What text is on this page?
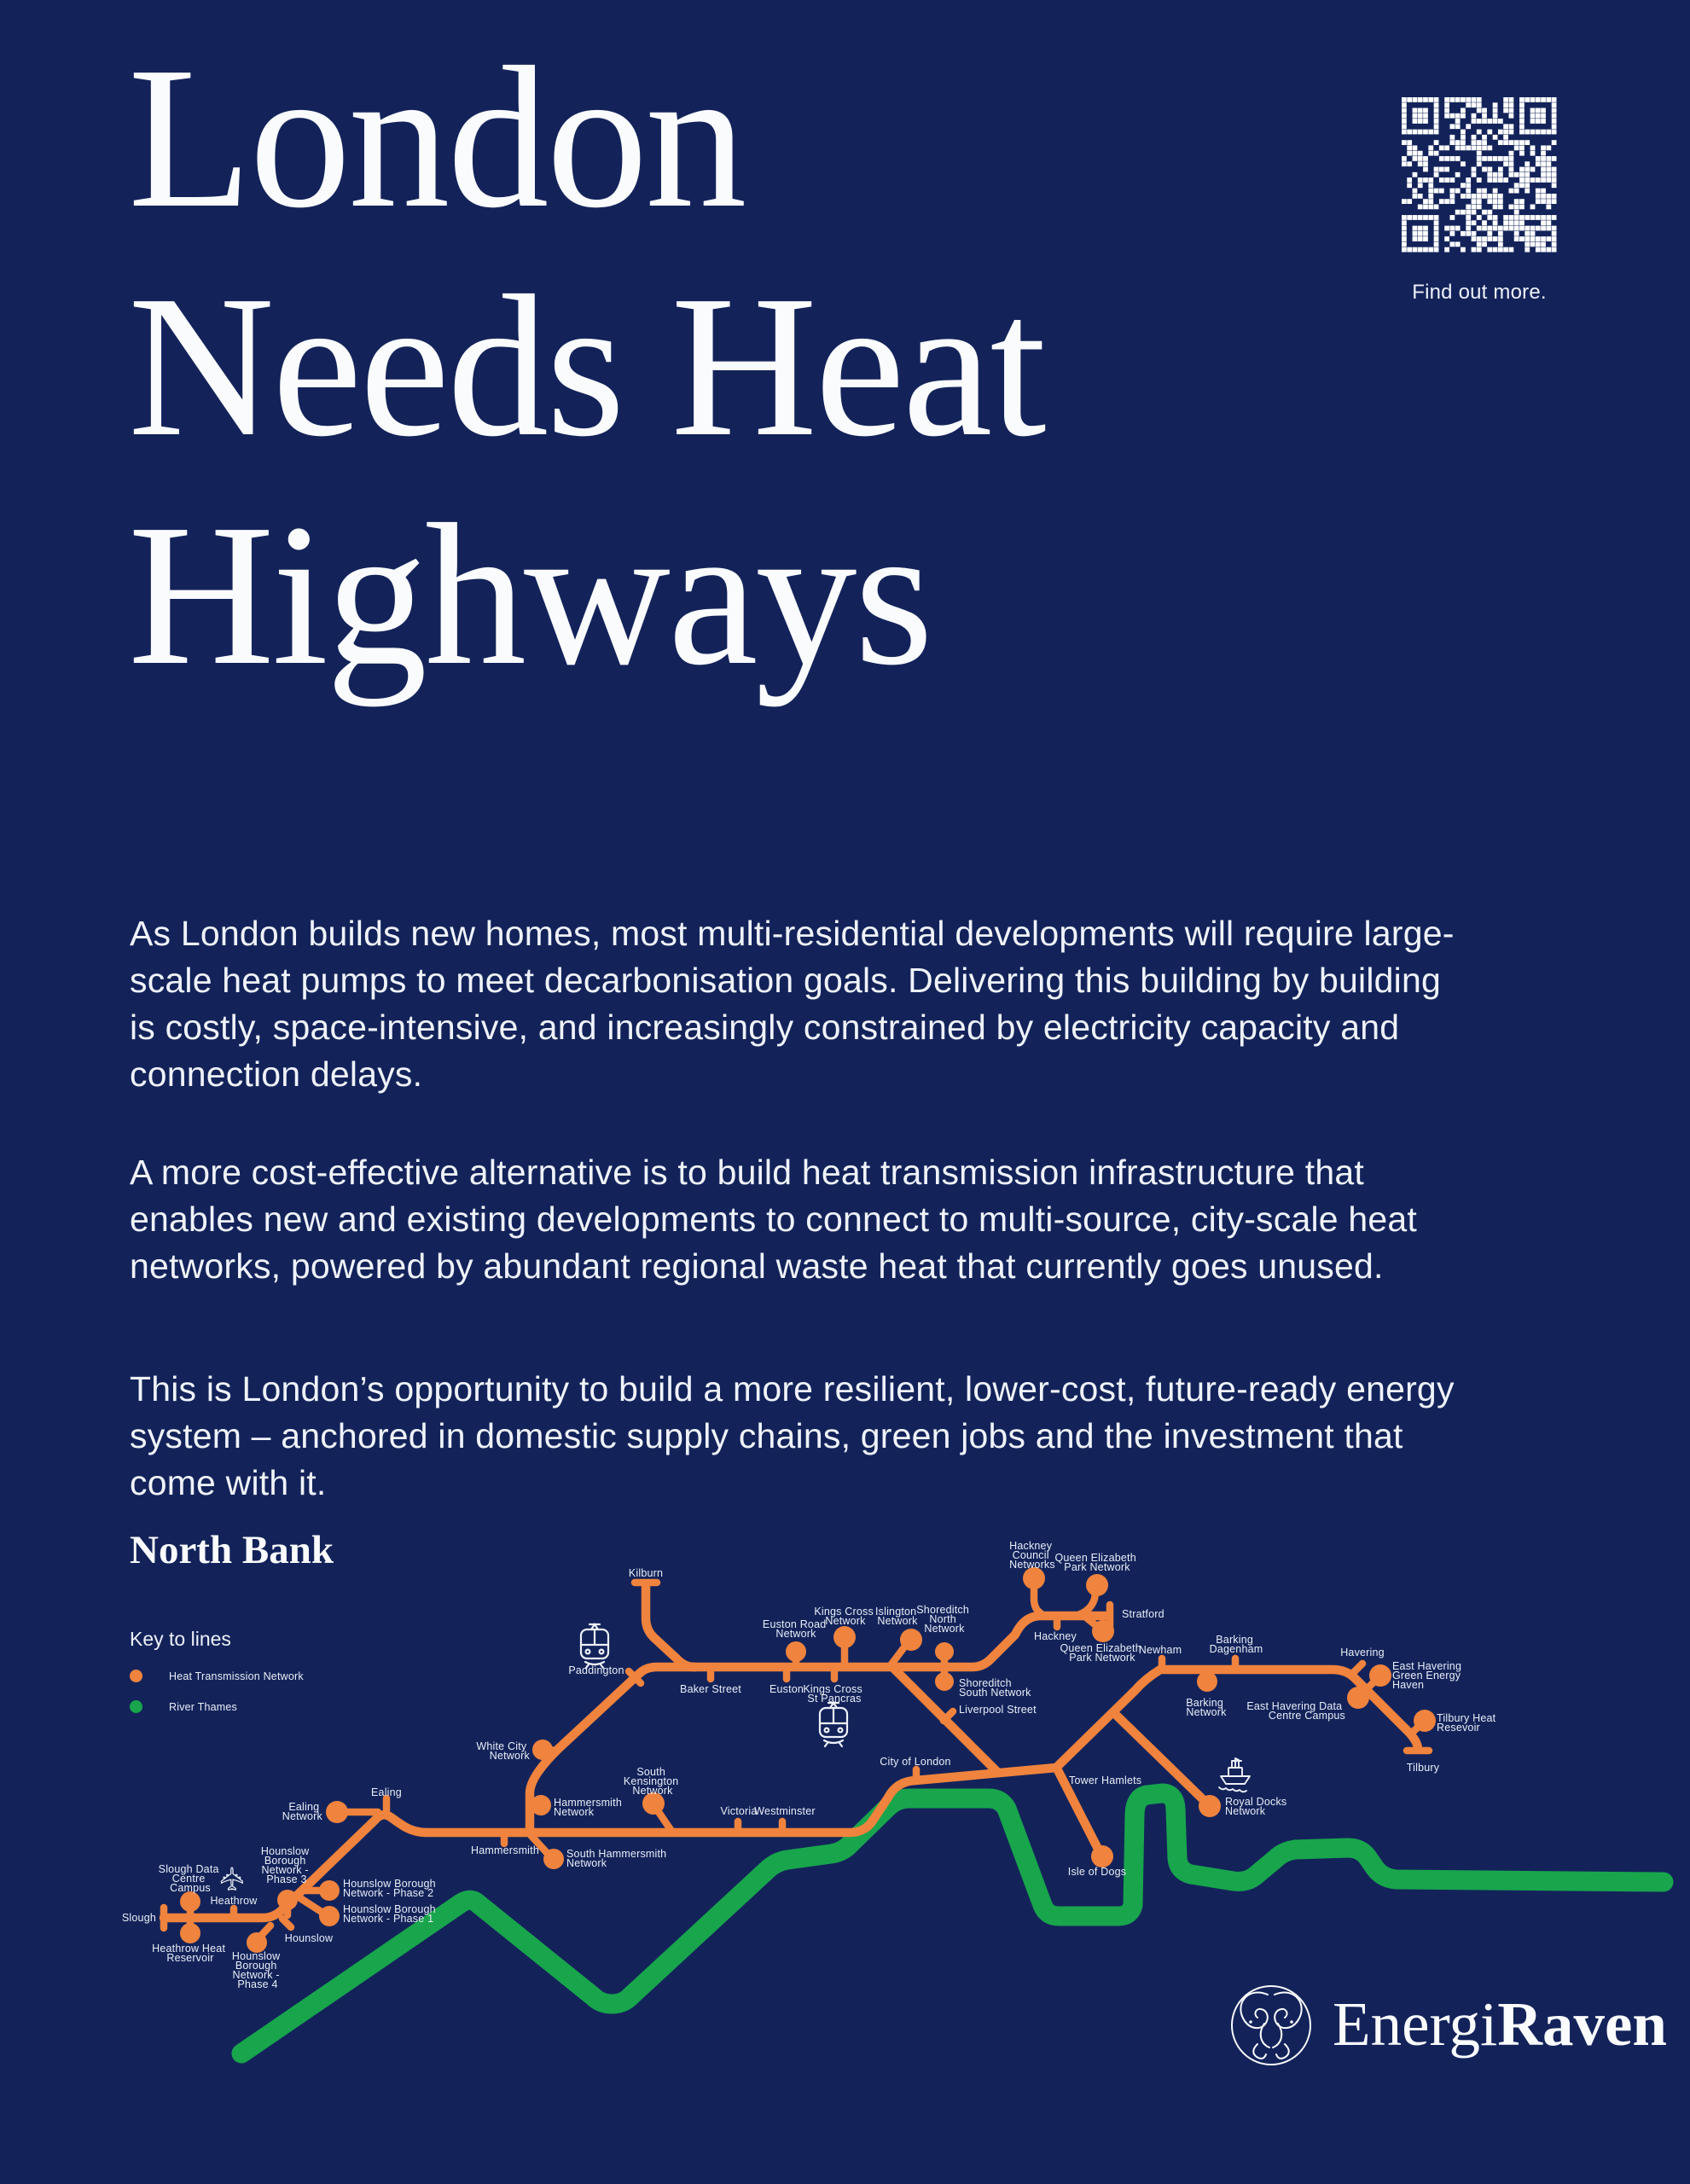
London
Needs Heat
Highways
Find out more.

As London builds new homes, most multi-residential developments will require large-scale heat pumps to meet decarbonisation goals. Delivering this building by building is costly, space-intensive, and increasingly constrained by electricity capacity and connection delays.

A more cost-effective alternative is to build heat transmission infrastructure that enables new and existing developments to connect to multi-source, city-scale heat networks, powered by abundant regional waste heat that currently goes unused.

This is London’s opportunity to build a more resilient, lower-cost, future-ready energy system – anchored in domestic supply chains, green jobs and the investment that come with it.

North Bank
Key to lines
Heat Transmission Network
River Thames
✈
Kilburn
Paddington
Baker Street	Euston
Euston Road Network
Kings Cross Network
Kings Cross St Pancras
Islington Network
Shoreditch North Network
Shoreditch South Network
Liverpool Street
Hackney Council Networks
Hackney
Queen Elizabeth Park Network
Stratford
Queen Elizabeth Park Network
Newham
Barking Network
Barking Dagenham	Havering
East Havering Green Energy Haven
East Havering Data Centre Campus	Tilbury Heat Resevoir
Tilbury
Royal Docks Network
Tower Hamlets
Isle of Dogs
City of London
Victoria
Westminster
South Kensington Network
Hammersmith Network
White City Network
Hammersmith	South Hammersmith Network
Ealing Network
Ealing
Hounslow Borough Network - Phase 3	Hounslow Borough Network - Phase 2
Hounslow Borough Network - Phase 1
Hounslow
Hounslow Borough Network - Phase 4
Heathrow
Slough Data Centre Campus
Heathrow Heat Reservoir
Slough
EnergiRaven
